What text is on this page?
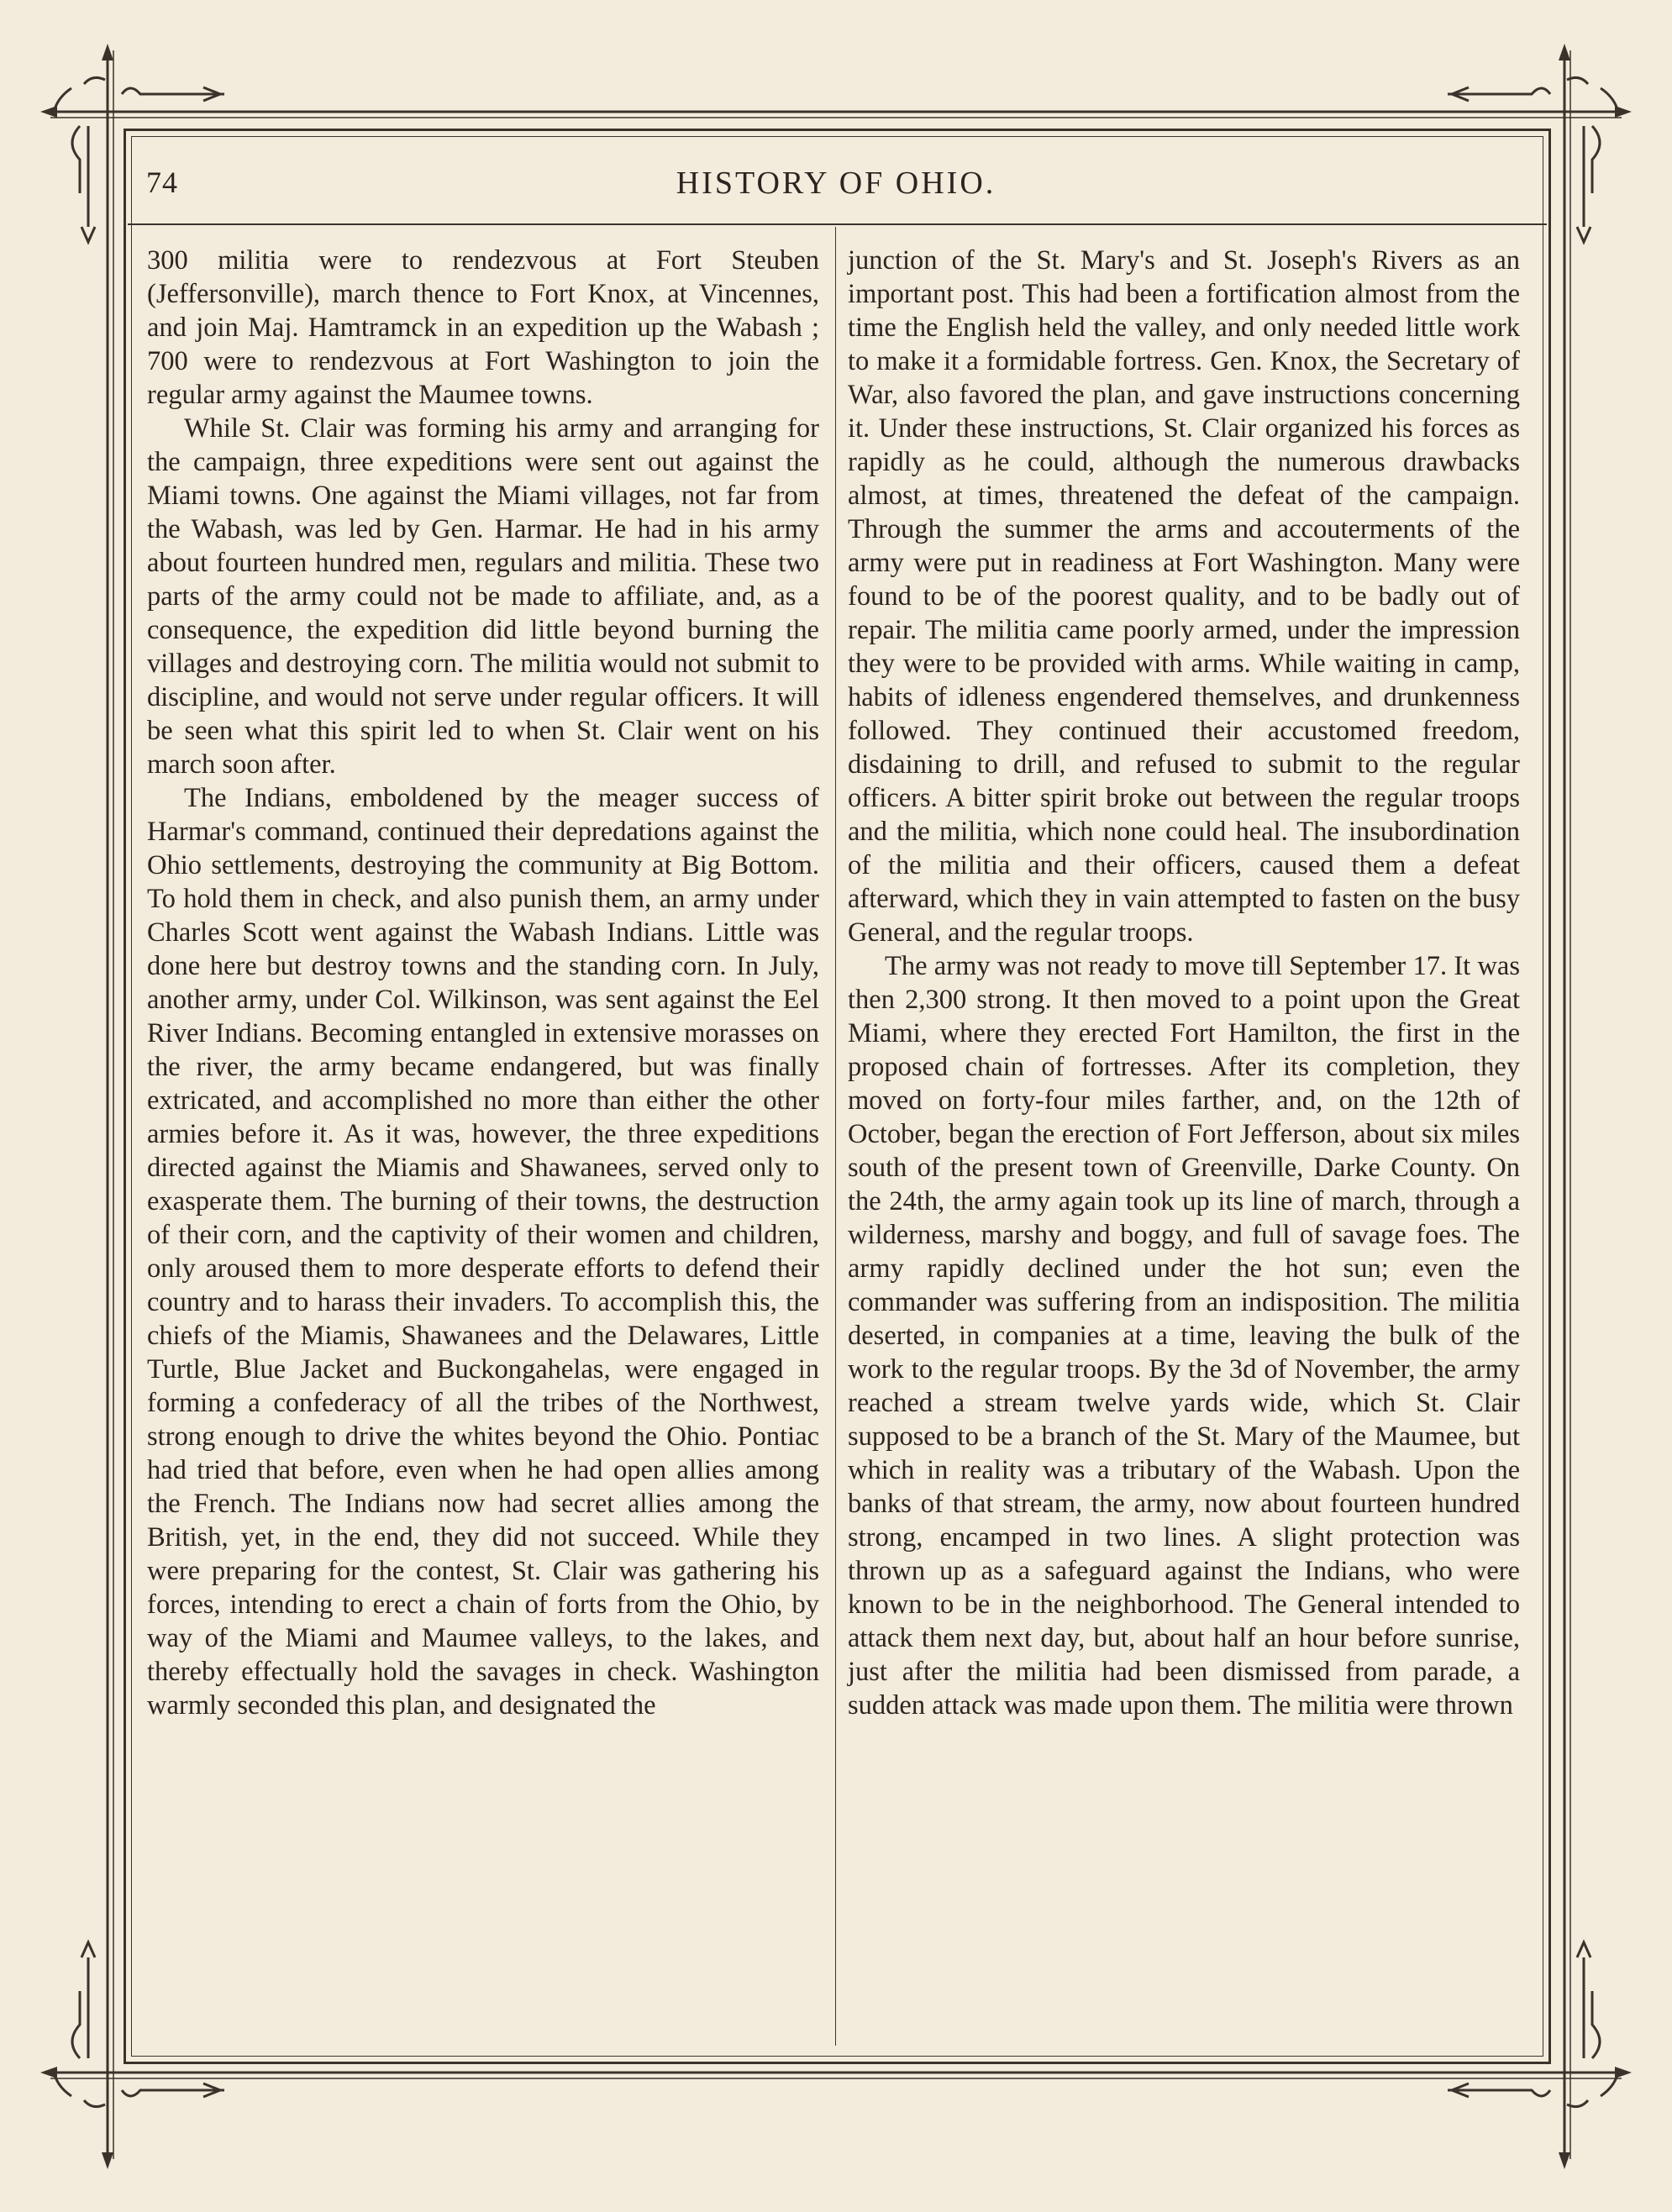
74	HISTORY OF OHIO.

300 militia were to rendezvous at Fort Steuben (Jeffersonville), march thence to Fort Knox, at Vincennes, and join Maj. Hamtramck in an expedition up the Wabash ; 700 were to rendezvous at Fort Washington to join the regular army against the Maumee towns.

While St. Clair was forming his army and arranging for the campaign, three expeditions were sent out against the Miami towns. One against the Miami villages, not far from the Wabash, was led by Gen. Harmar. He had in his army about fourteen hundred men, regulars and militia. These two parts of the army could not be made to affiliate, and, as a consequence, the expedition did little beyond burning the villages and destroying corn. The militia would not submit to discipline, and would not serve under regular officers. It will be seen what this spirit led to when St. Clair went on his march soon after.

The Indians, emboldened by the meager success of Harmar's command, continued their depredations against the Ohio settlements, destroying the community at Big Bottom. To hold them in check, and also punish them, an army under Charles Scott went against the Wabash Indians. Little was done here but destroy towns and the standing corn. In July, another army, under Col. Wilkinson, was sent against the Eel River Indians. Becoming entangled in extensive morasses on the river, the army became endangered, but was finally extricated, and accomplished no more than either the other armies before it. As it was, however, the three expeditions directed against the Miamis and Shawanees, served only to exasperate them. The burning of their towns, the destruction of their corn, and the captivity of their women and children, only aroused them to more desperate efforts to defend their country and to harass their invaders. To accomplish this, the chiefs of the Miamis, Shawanees and the Delawares, Little Turtle, Blue Jacket and Buckongahelas, were engaged in forming a confederacy of all the tribes of the Northwest, strong enough to drive the whites beyond the Ohio. Pontiac had tried that before, even when he had open allies among the French. The Indians now had secret allies among the British, yet, in the end, they did not succeed. While they were preparing for the contest, St. Clair was gathering his forces, intending to erect a chain of forts from the Ohio, by way of the Miami and Maumee valleys, to the lakes, and thereby effectually hold the savages in check. Washington warmly seconded this plan, and designated the

junction of the St. Mary's and St. Joseph's Rivers as an important post. This had been a fortification almost from the time the English held the valley, and only needed little work to make it a formidable fortress. Gen. Knox, the Secretary of War, also favored the plan, and gave instructions concerning it. Under these instructions, St. Clair organized his forces as rapidly as he could, although the numerous drawbacks almost, at times, threatened the defeat of the campaign. Through the summer the arms and accouterments of the army were put in readiness at Fort Washington. Many were found to be of the poorest quality, and to be badly out of repair. The militia came poorly armed, under the impression they were to be provided with arms. While waiting in camp, habits of idleness engendered themselves, and drunkenness followed. They continued their accustomed freedom, disdaining to drill, and refused to submit to the regular officers. A bitter spirit broke out between the regular troops and the militia, which none could heal. The insubordination of the militia and their officers, caused them a defeat afterward, which they in vain attempted to fasten on the busy General, and the regular troops.

The army was not ready to move till September 17. It was then 2,300 strong. It then moved to a point upon the Great Miami, where they erected Fort Hamilton, the first in the proposed chain of fortresses. After its completion, they moved on forty-four miles farther, and, on the 12th of October, began the erection of Fort Jefferson, about six miles south of the present town of Greenville, Darke County. On the 24th, the army again took up its line of march, through a wilderness, marshy and boggy, and full of savage foes. The army rapidly declined under the hot sun; even the commander was suffering from an indisposition. The militia deserted, in companies at a time, leaving the bulk of the work to the regular troops. By the 3d of November, the army reached a stream twelve yards wide, which St. Clair supposed to be a branch of the St. Mary of the Maumee, but which in reality was a tributary of the Wabash. Upon the banks of that stream, the army, now about fourteen hundred strong, encamped in two lines. A slight protection was thrown up as a safeguard against the Indians, who were known to be in the neighborhood. The General intended to attack them next day, but, about half an hour before sunrise, just after the militia had been dismissed from parade, a sudden attack was made upon them. The militia were thrown
